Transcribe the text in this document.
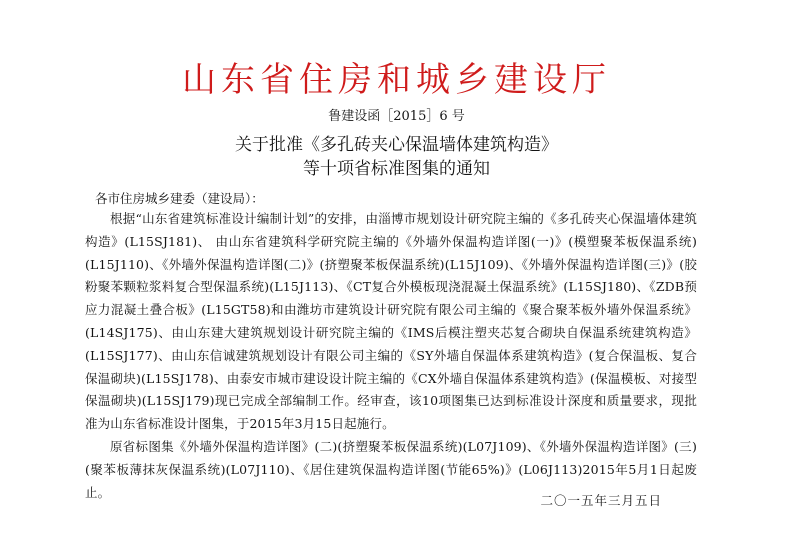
山东省住房和城乡建设厅
鲁建设函［2015］6 号
关于批准《多孔砖夹心保温墙体建筑构造》
等十项省标准图集的通知
各市住房城乡建委（建设局）：

根据“山东省建筑标准设计编制计划”的安排，由淄博市规划设计研究院主编的《多孔砖夹心保温墙体建筑构造》(L15SJ181)、 由山东省建筑科学研究院主编的《外墙外保温构造详图(一)》(模塑聚苯板保温系统)(L15J110)、《外墙外保温构造详图(二)》(挤塑聚苯板保温系统)(L15J109)、《外墙外保温构造详图(三)》(胶粉聚苯颗粒浆料复合型保温系统)(L15J113)、《CT复合外模板现浇混凝土保温系统》(L15SJ180)、《ZDB预应力混凝土叠合板》(L15GT58)和由潍坊市建筑设计研究院有限公司主编的《聚合聚苯板外墙外保温系统》(L14SJ175)、由山东建大建筑规划设计研究院主编的《IMS后模注塑夹芯复合砌块自保温系统建筑构造》(L15SJ177)、由山东信诚建筑规划设计有限公司主编的《SY外墙自保温体系建筑构造》(复合保温板、复合保温砌块)(L15SJ178)、由泰安市城市建设设计院主编的《CX外墙自保温体系建筑构造》(保温模板、对接型保温砌块)(L15SJ179)现已完成全部编制工作。经审查，该10项图集已达到标准设计深度和质量要求，现批准为山东省标准设计图集，于2015年3月15日起施行。

原省标图集《外墙外保温构造详图》(二)(挤塑聚苯板保温系统)(L07J109)、《外墙外保温构造详图》(三)(聚苯板薄抹灰保温系统)(L07J110)、《居住建筑保温构造详图(节能65%)》(L06J113)2015年5月1日起废止。

二〇一五年三月五日
